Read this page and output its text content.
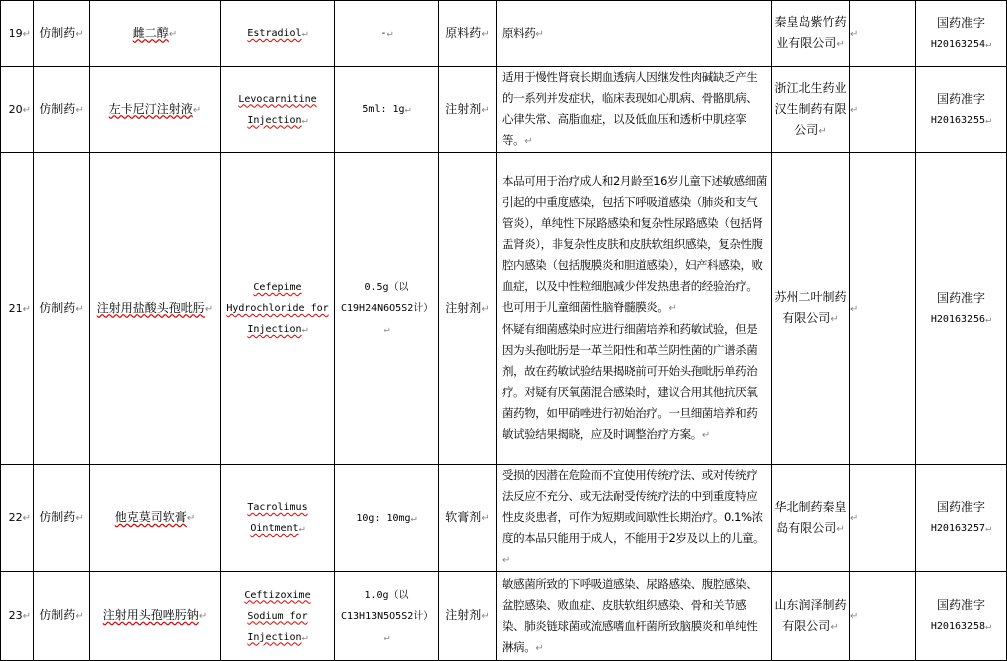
19↵	仿制药↵	雌二醇↵	Estradiol↵	-↵	原料药↵	原料药↵	秦皇岛紫竹药业有限公司↵	↵	国药准字
H20163254↵

20↵	仿制药↵	左卡尼汀注射液↵	Levocarnitine Injection↵	5ml: 1g↵	注射剂↵	适用于慢性肾衰长期血透病人因继发性肉碱缺乏产生的一系列并发症状，临床表现如心肌病、骨骼肌病、心律失常、高脂血症，以及低血压和透析中肌痉挛等。↵	浙江北生药业汉生制药有限公司↵	↵	国药准字
H20163255↵

21↵	仿制药↵	注射用盐酸头孢吡肟↵	Cefepime Hydrochloride for Injection↵	0.5g（以C19H24N6O5S2计）↵	注射剂↵	本品可用于治疗成人和2月龄至16岁儿童下述敏感细菌引起的中重度感染，包括下呼吸道感染（肺炎和支气管炎），单纯性下尿路感染和复杂性尿路感染（包括肾盂肾炎），非复杂性皮肤和皮肤软组织感染，复杂性腹腔内感染（包括腹膜炎和胆道感染），妇产科感染，败血症，以及中性粒细胞减少伴发热患者的经验治疗。也可用于儿童细菌性脑脊髓膜炎。↵
怀疑有细菌感染时应进行细菌培养和药敏试验，但是因为头孢吡肟是一革兰阳性和革兰阴性菌的广谱杀菌剂，故在药敏试验结果揭晓前可开始头孢吡肟单药治疗。对疑有厌氧菌混合感染时，建议合用其他抗厌氧菌药物，如甲硝唑进行初始治疗。一旦细菌培养和药敏试验结果揭晓，应及时调整治疗方案。↵	苏州二叶制药有限公司↵	↵	国药准字
H20163256↵

22↵	仿制药↵	他克莫司软膏↵	Tacrolimus Ointment↵	10g: 10mg↵	软膏剂↵	受损的因潜在危险而不宜使用传统疗法、或对传统疗法反应不充分、或无法耐受传统疗法的中到重度特应性皮炎患者，可作为短期或间歇性长期治疗。0.1%浓度的本品只能用于成人，不能用于2岁及以上的儿童。↵	华北制药秦皇岛有限公司↵	↵	国药准字
H20163257↵

23↵	仿制药↵	注射用头孢唑肟钠↵	Ceftizoxime Sodium for Injection↵	1.0g（以C13H13N5O5S2计）↵	注射剂↵	敏感菌所致的下呼吸道感染、尿路感染、腹腔感染、盆腔感染、败血症、皮肤软组织感染、骨和关节感染、肺炎链球菌或流感嗜血杆菌所致脑膜炎和单纯性淋病。↵	山东润泽制药有限公司↵	↵	国药准字
H20163258↵
